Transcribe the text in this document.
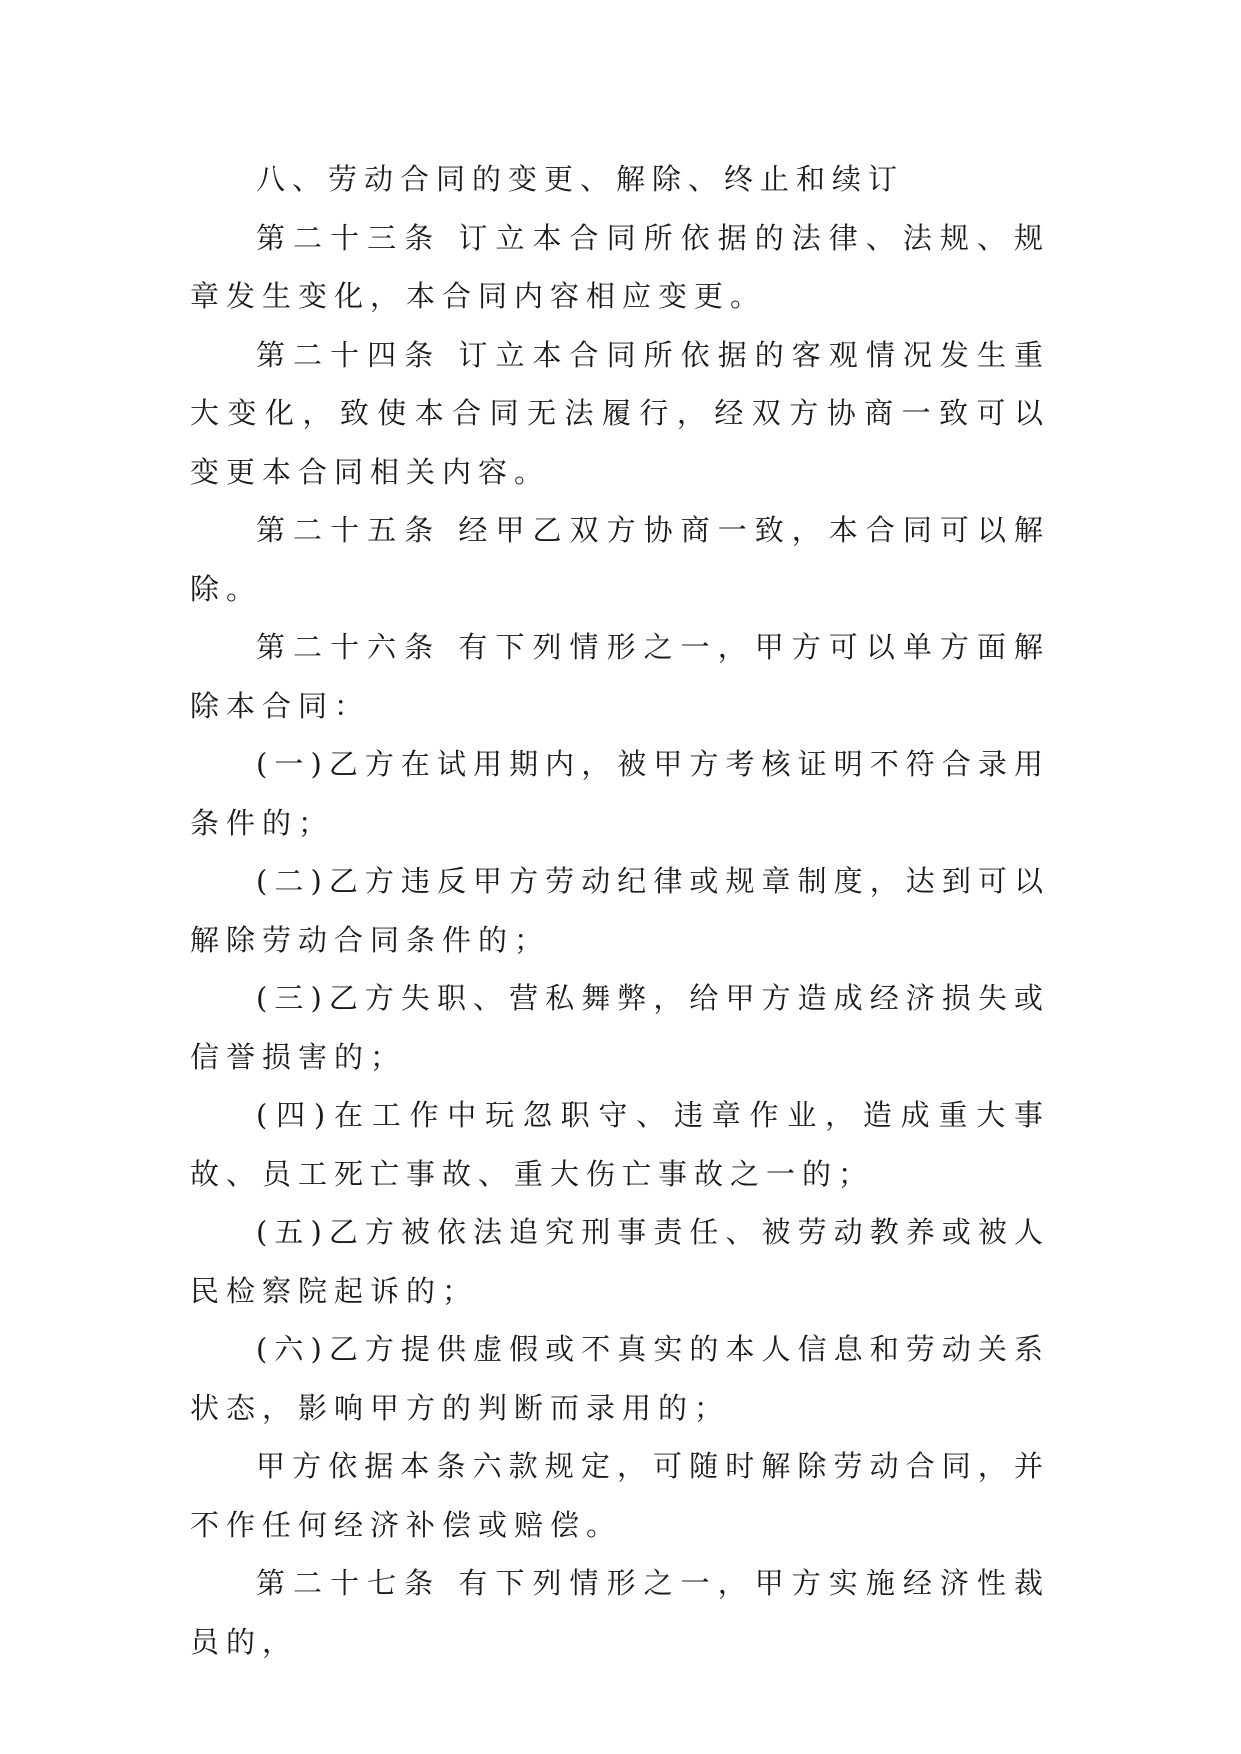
八、劳动合同的变更、解除、终止和续订

第二十三条 订立本合同所依据的法律、法规、规章发生变化，本合同内容相应变更。

第二十四条 订立本合同所依据的客观情况发生重大变化，致使本合同无法履行，经双方协商一致可以变更本合同相关内容。

第二十五条 经甲乙双方协商一致，本合同可以解除。

第二十六条 有下列情形之一，甲方可以单方面解除本合同：

(一)乙方在试用期内，被甲方考核证明不符合录用条件的；

(二)乙方违反甲方劳动纪律或规章制度，达到可以解除劳动合同条件的；

(三)乙方失职、营私舞弊，给甲方造成经济损失或信誉损害的；

(四)在工作中玩忽职守、违章作业，造成重大事故、员工死亡事故、重大伤亡事故之一的；

(五)乙方被依法追究刑事责任、被劳动教养或被人民检察院起诉的；

(六)乙方提供虚假或不真实的本人信息和劳动关系状态，影响甲方的判断而录用的；

甲方依据本条六款规定，可随时解除劳动合同，并不作任何经济补偿或赔偿。

第二十七条 有下列情形之一，甲方实施经济性裁员的，
